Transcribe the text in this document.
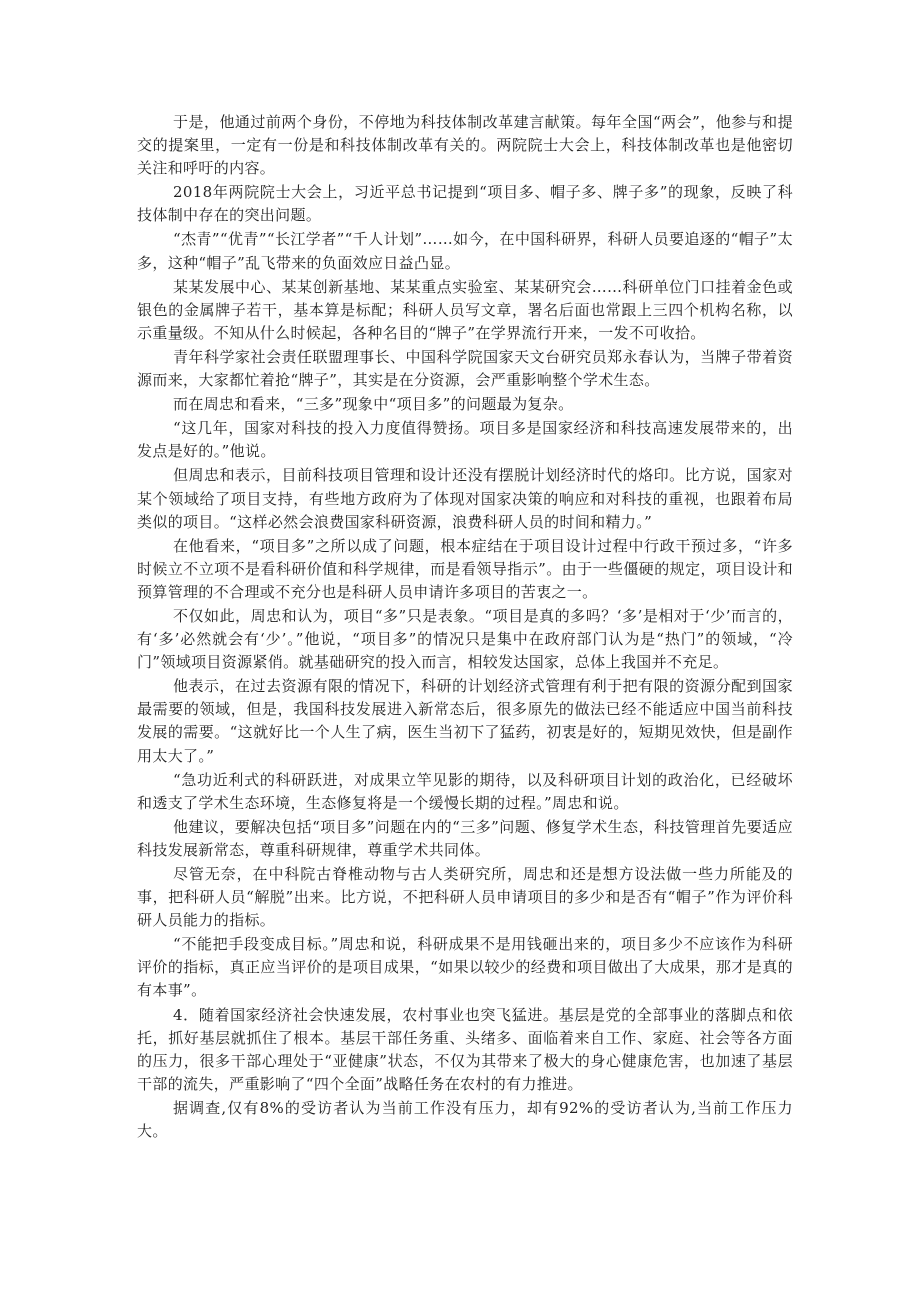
于是，他通过前两个身份，不停地为科技体制改革建言献策。每年全国“两会”，他参与和提交的提案里，一定有一份是和科技体制改革有关的。两院院士大会上，科技体制改革也是他密切关注和呼吁的内容。

2018年两院院士大会上，习近平总书记提到“项目多、帽子多、牌子多”的现象，反映了科技体制中存在的突出问题。

“杰青”“优青”“长江学者”“千人计划”……如今，在中国科研界，科研人员要追逐的“帽子”太多，这种“帽子”乱飞带来的负面效应日益凸显。

某某发展中心、某某创新基地、某某重点实验室、某某研究会……科研单位门口挂着金色或银色的金属牌子若干，基本算是标配；科研人员写文章，署名后面也常跟上三四个机构名称，以示重量级。不知从什么时候起，各种名目的“牌子”在学界流行开来，一发不可收拾。

青年科学家社会责任联盟理事长、中国科学院国家天文台研究员郑永春认为，当牌子带着资源而来，大家都忙着抢“牌子”，其实是在分资源，会严重影响整个学术生态。

而在周忠和看来，“三多”现象中“项目多”的问题最为复杂。

“这几年，国家对科技的投入力度值得赞扬。项目多是国家经济和科技高速发展带来的，出发点是好的。”他说。

但周忠和表示，目前科技项目管理和设计还没有摆脱计划经济时代的烙印。比方说，国家对某个领域给了项目支持，有些地方政府为了体现对国家决策的响应和对科技的重视，也跟着布局类似的项目。“这样必然会浪费国家科研资源，浪费科研人员的时间和精力。”

在他看来，“项目多”之所以成了问题，根本症结在于项目设计过程中行政干预过多，“许多时候立不立项不是看科研价值和科学规律，而是看领导指示”。由于一些僵硬的规定，项目设计和预算管理的不合理或不充分也是科研人员申请许多项目的苦衷之一。

不仅如此，周忠和认为，项目“多”只是表象。“项目是真的多吗？‘多’是相对于‘少’而言的，有‘多’必然就会有‘少’。”他说，“项目多”的情况只是集中在政府部门认为是“热门”的领域，“冷门”领域项目资源紧俏。就基础研究的投入而言，相较发达国家，总体上我国并不充足。

他表示，在过去资源有限的情况下，科研的计划经济式管理有利于把有限的资源分配到国家最需要的领域，但是，我国科技发展进入新常态后，很多原先的做法已经不能适应中国当前科技发展的需要。“这就好比一个人生了病，医生当初下了猛药，初衷是好的，短期见效快，但是副作用太大了。”

“急功近利式的科研跃进，对成果立竿见影的期待，以及科研项目计划的政治化，已经破坏和透支了学术生态环境，生态修复将是一个缓慢长期的过程。”周忠和说。

他建议，要解决包括“项目多”问题在内的“三多”问题、修复学术生态，科技管理首先要适应科技发展新常态，尊重科研规律，尊重学术共同体。

尽管无奈，在中科院古脊椎动物与古人类研究所，周忠和还是想方设法做一些力所能及的事，把科研人员“解脱”出来。比方说，不把科研人员申请项目的多少和是否有“帽子”作为评价科研人员能力的指标。

“不能把手段变成目标。”周忠和说，科研成果不是用钱砸出来的，项目多少不应该作为科研评价的指标，真正应当评价的是项目成果，“如果以较少的经费和项目做出了大成果，那才是真的有本事”。

4．随着国家经济社会快速发展，农村事业也突飞猛进。基层是党的全部事业的落脚点和依托，抓好基层就抓住了根本。基层干部任务重、头绪多、面临着来自工作、家庭、社会等各方面的压力，很多干部心理处于“亚健康”状态，不仅为其带来了极大的身心健康危害，也加速了基层干部的流失，严重影响了“四个全面”战略任务在农村的有力推进。

据调查,仅有8%的受访者认为当前工作没有压力，却有92%的受访者认为,当前工作压力大。
